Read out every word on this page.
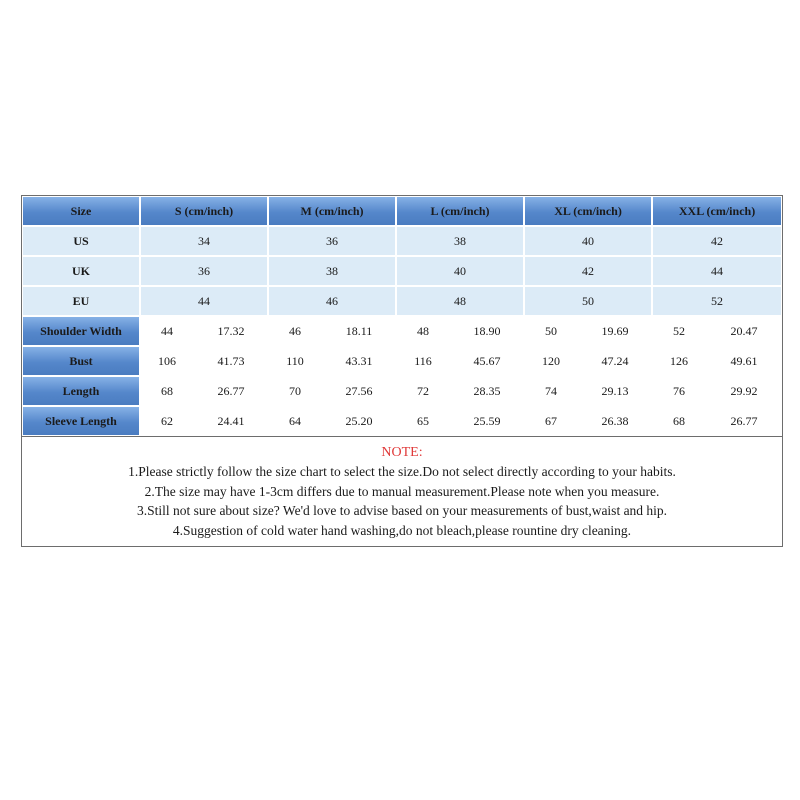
Size	S (cm/inch)		M (cm/inch)		L (cm/inch)		XL (cm/inch)		XXL (cm/inch)	
US	34		36		38		40		42	
UK	36		38		40		42		44	
EU	44		46		48		50		52	
Shoulder Width	44	17.32	46	18.11	48	18.90	50	19.69	52	20.47
Bust	106	41.73	110	43.31	116	45.67	120	47.24	126	49.61
Length	68	26.77	70	27.56	72	28.35	74	29.13	76	29.92
Sleeve Length	62	24.41	64	25.20	65	25.59	67	26.38	68	26.77
NOTE:
1.Please strictly follow the size chart to select the size.Do not select directly according to your habits.
2.The size may have 1-3cm differs due to manual measurement.Please note when you measure.
3.Still not sure about size? We'd love to advise based on your measurements of bust,waist and hip.
4.Suggestion of cold water hand washing,do not bleach,please rountine dry cleaning.
